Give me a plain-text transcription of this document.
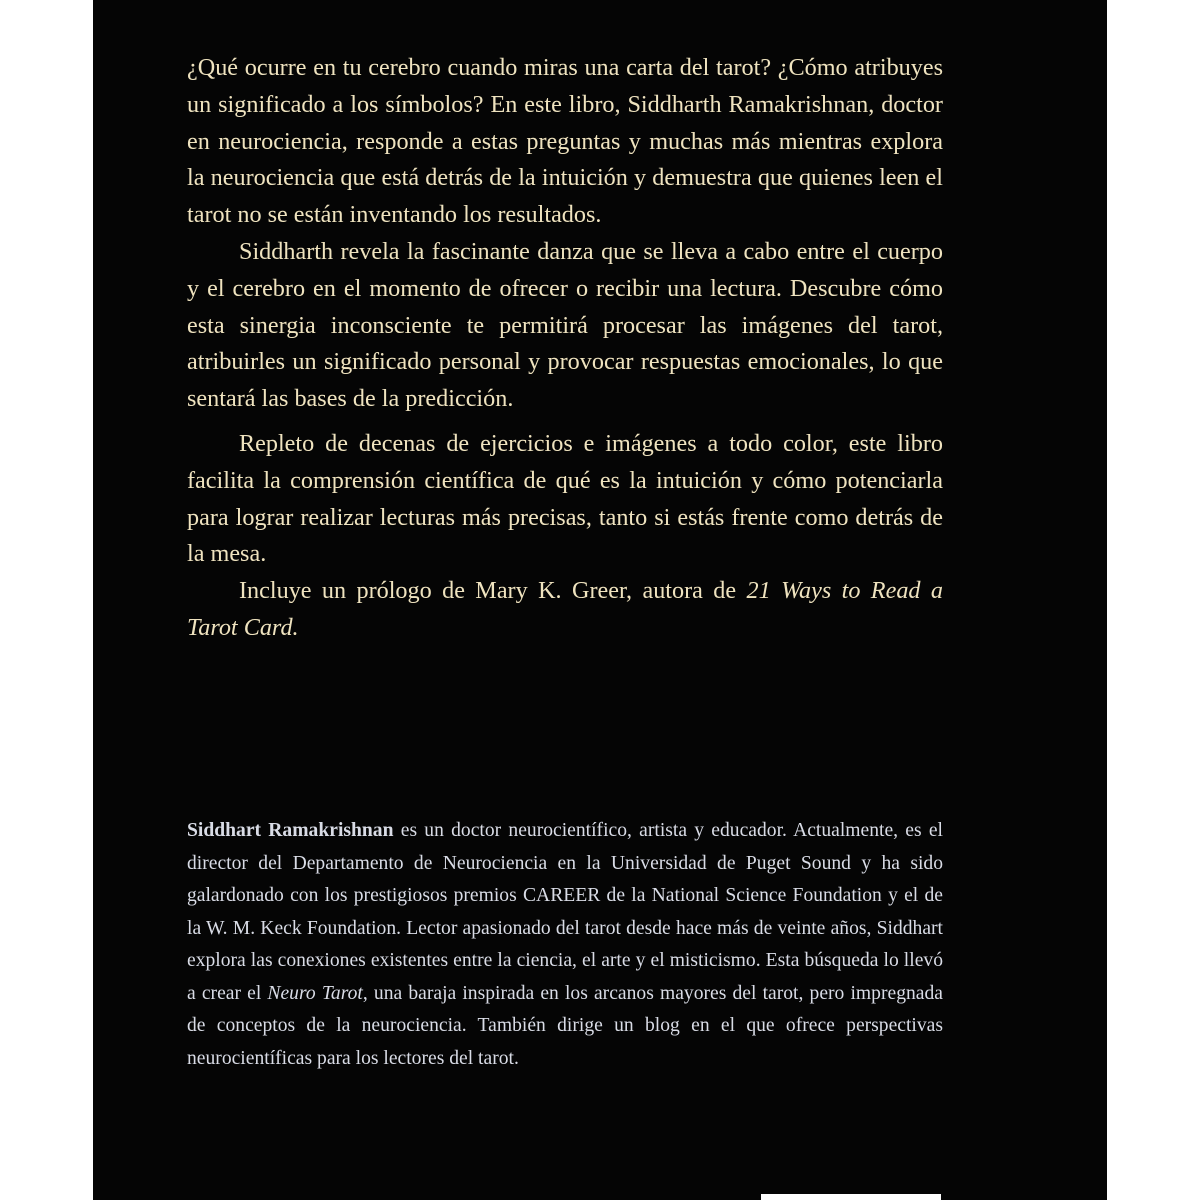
¿Qué ocurre en tu cerebro cuando miras una carta del tarot? ¿Cómo atribuyes un significado a los símbolos? En este libro, Siddharth Ramakrishnan, doctor en neurociencia, responde a estas preguntas y muchas más mientras explora la neurociencia que está detrás de la intuición y demuestra que quienes leen el tarot no se están inventando los resultados.

Siddharth revela la fascinante danza que se lleva a cabo entre el cuerpo y el cerebro en el momento de ofrecer o recibir una lectura. Descubre cómo esta sinergia inconsciente te permitirá procesar las imágenes del tarot, atribuirles un significado personal y provocar respuestas emocionales, lo que sentará las bases de la predicción.

Repleto de decenas de ejercicios e imágenes a todo color, este libro facilita la comprensión científica de qué es la intuición y cómo potenciarla para lograr realizar lecturas más precisas, tanto si estás frente como detrás de la mesa.

Incluye un prólogo de Mary K. Greer, autora de 21 Ways to Read a Tarot Card.

Siddhart Ramakrishnan es un doctor neurocientífico, artista y educador. Actualmente, es el director del Departamento de Neurociencia en la Universidad de Puget Sound y ha sido galardonado con los prestigiosos premios CAREER de la National Science Foundation y el de la W. M. Keck Foundation. Lector apasionado del tarot desde hace más de veinte años, Siddhart explora las conexiones existentes entre la ciencia, el arte y el misticismo. Esta búsqueda lo llevó a crear el Neuro Tarot, una baraja inspirada en los arcanos mayores del tarot, pero impregnada de conceptos de la neurociencia. También dirige un blog en el que ofrece perspectivas neurocientíficas para los lectores del tarot.
